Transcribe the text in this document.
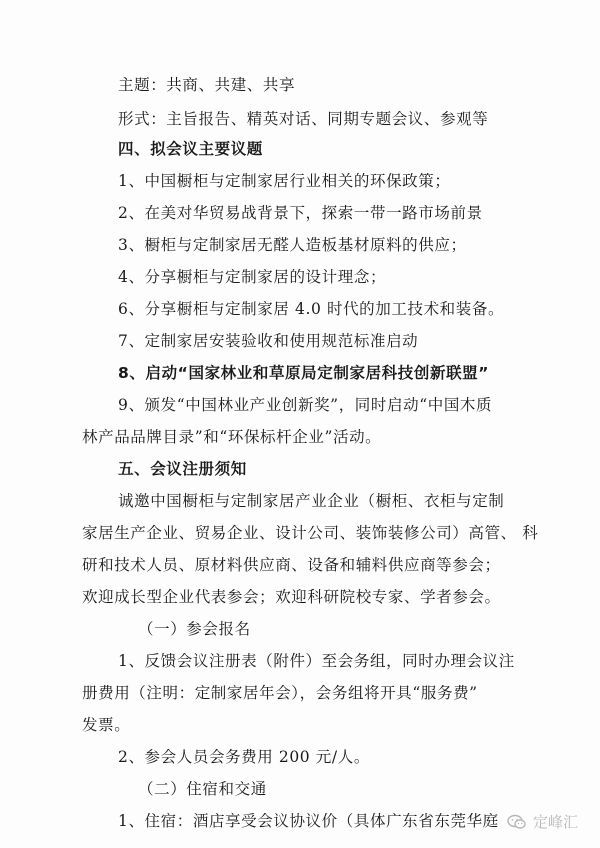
主题：共商、共建、共享
形式：主旨报告、精英对话、同期专题会议、参观等
四、拟会议主要议题
1、中国橱柜与定制家居行业相关的环保政策；
2、在美对华贸易战背景下，探索一带一路市场前景
3、橱柜与定制家居无醛人造板基材原料的供应；
4、分享橱柜与定制家居的设计理念；
6、分享橱柜与定制家居 4.0 时代的加工技术和装备。
7、定制家居安装验收和使用规范标准启动
8、启动“国家林业和草原局定制家居科技创新联盟”
9、颁发“中国林业产业创新奖”，同时启动“中国木质
林产品品牌目录”和“环保标杆企业”活动。
五、会议注册须知
诚邀中国橱柜与定制家居产业企业（橱柜、衣柜与定制
家居生产企业、贸易企业、设计公司、装饰装修公司）高管、 科
研和技术人员、原材料供应商、设备和辅料供应商等参会；
欢迎成长型企业代表参会；欢迎科研院校专家、学者参会。
（一）参会报名
1、反馈会议注册表（附件）至会务组，同时办理会议注
册费用（注明：定制家居年会），会务组将开具“服务费”
发票。
2、参会人员会务费用 200 元/人。
（二）住宿和交通
1、住宿：酒店享受会议协议价（具体广东省东莞华庭	定峰汇
